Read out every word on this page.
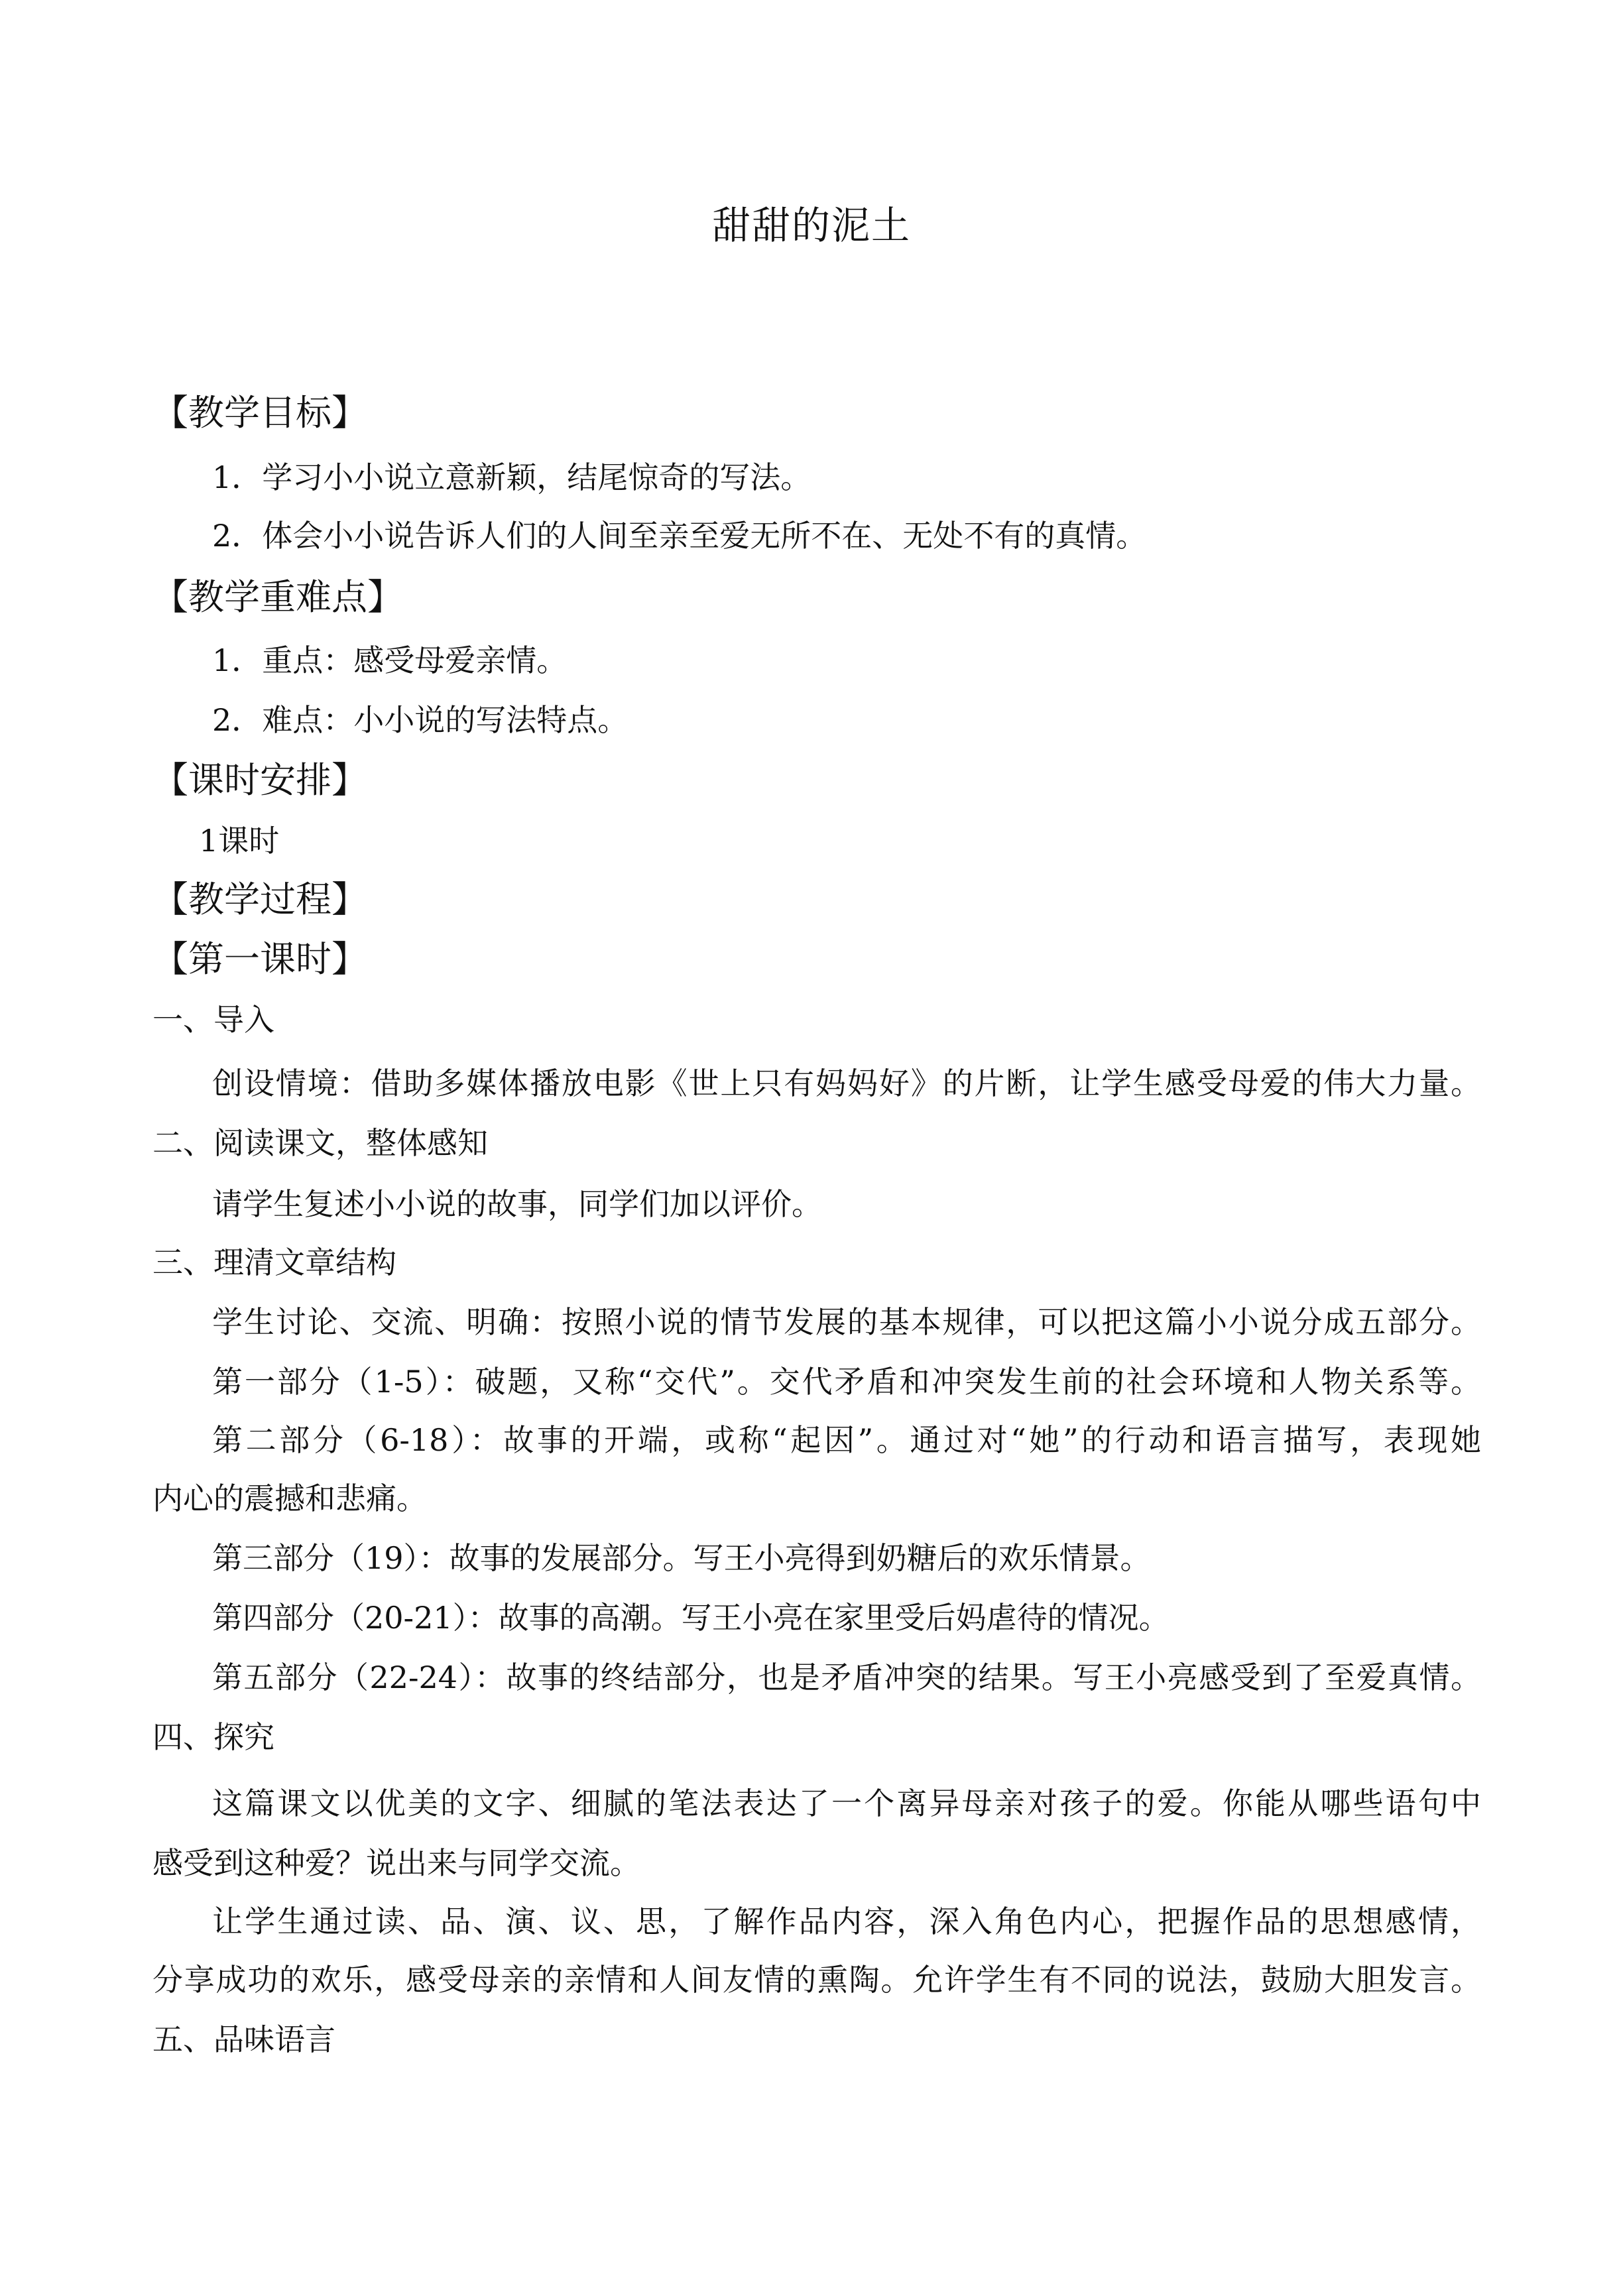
甜甜的泥土
【教学目标】
1．学习小小说立意新颖，结尾惊奇的写法。
2．体会小小说告诉人们的人间至亲至爱无所不在、无处不有的真情。
【教学重难点】
1．重点：感受母爱亲情。
2．难点：小小说的写法特点。
【课时安排】
1课时
【教学过程】
【第一课时】
一、导入
创设情境：借助多媒体播放电影《世上只有妈妈好》的片断，让学生感受母爱的伟大力量。
二、阅读课文，整体感知
请学生复述小小说的故事，同学们加以评价。
三、理清文章结构
学生讨论、交流、明确：按照小说的情节发展的基本规律，可以把这篇小小说分成五部分。
第一部分（1-5）：破题，又称“交代”。交代矛盾和冲突发生前的社会环境和人物关系等。
第二部分（6-18）：故事的开端，或称“起因”。通过对“她”的行动和语言描写，表现她
内心的震撼和悲痛。
第三部分（19）：故事的发展部分。写王小亮得到奶糖后的欢乐情景。
第四部分（20-21）：故事的高潮。写王小亮在家里受后妈虐待的情况。
第五部分（22-24）：故事的终结部分，也是矛盾冲突的结果。写王小亮感受到了至爱真情。
四、探究
这篇课文以优美的文字、细腻的笔法表达了一个离异母亲对孩子的爱。你能从哪些语句中
感受到这种爱？说出来与同学交流。
让学生通过读、品、演、议、思，了解作品内容，深入角色内心，把握作品的思想感情，
分享成功的欢乐，感受母亲的亲情和人间友情的熏陶。允许学生有不同的说法，鼓励大胆发言。
五、品味语言
